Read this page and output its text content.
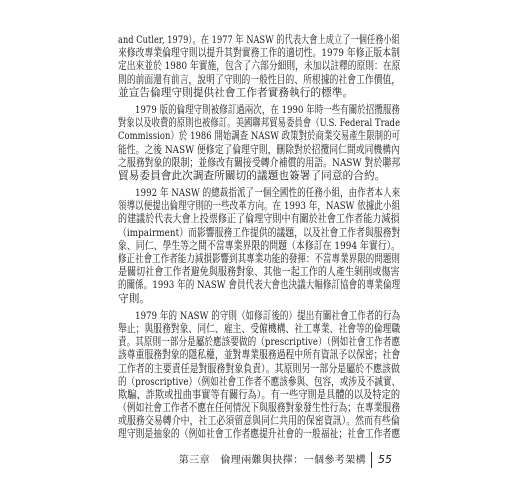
and Cutler, 1979）。在 1977 年 NASW 的代表大會上成立了一個任務小組
來修改專業倫理守則以提升其對實務工作的適切性。1979 年修正版本制
定出來並於 1980 年實施，包含了六部分細則，未加以註釋的原則：在原
則的前面還有前言，說明了守則的一般性目的、所根據的社會工作價值，
並宣告倫理守則提供社會工作者實務執行的標準。
　　1979 版的倫理守則被修訂過兩次，在 1990 年時一些有關於招攬服務
對象以及收費的原則也被修訂。美國聯邦貿易委員會（U.S. Federal Trade
Commission）於 1986 開始調查 NASW 政策對於商業交易產生限制的可
能性。之後 NASW 便修定了倫理守則，刪除對於招攬同仁間或同機構內
之服務對象的限制；並修改有關接受轉介補償的用語。NASW 對於聯邦
貿易委員會此次調查所關切的議題也簽署了同意的合約。
　　1992 年 NASW 的總裁指派了一個全國性的任務小組，由作者本人來
領導以便提出倫理守則的一些改革方向。在 1993 年，NASW 依據此小組
的建議於代表大會上投票修正了倫理守則中有關於社會工作者能力減損
（impairment）而影響服務工作提供的議題，以及社會工作者與服務對
象、同仁、學生等之間不當專業界限的問題（本修訂在 1994 年實行）。
修正社會工作者能力減損影響到其專業功能的發揮：不當專業界限的問題則
是關切社會工作者避免與服務對象、其他一起工作的人產生剝削或傷害
的關係。1993 年的 NASW 會員代表大會也決議大幅修訂協會的專業倫理
守則。
　　1979 年的 NASW 的守則（如修訂後的）提出有關社會工作者的行為
舉止；與服務對象、同仁、雇主、受僱機構、社工專業、社會等的倫理職
責。其原則一部分是屬於應該要做的（prescriptive）（例如社會工作者應
該尊重服務對象的隱私權，並對專業服務過程中所有資訊予以保密；社會
工作者的主要責任是對服務對象負責）。其原則另一部分是屬於不應該做
的（proscriptive）（例如社會工作者不應該參與、包容，或涉及不誠實、
欺騙、詐欺或扭曲事實等有關行為）。有一些守則是具體的以及特定的
（例如社會工作者不應在任何情況下與服務對象發生性行為；在專業服務
或服務交易轉介中，社工必須留意與同仁共用的保密資訊）。然而有些倫
理守則是抽象的（例如社會工作者應提升社會的一般福祉；社會工作者應
第三章　倫理兩難與抉擇：一個參考架構 55
